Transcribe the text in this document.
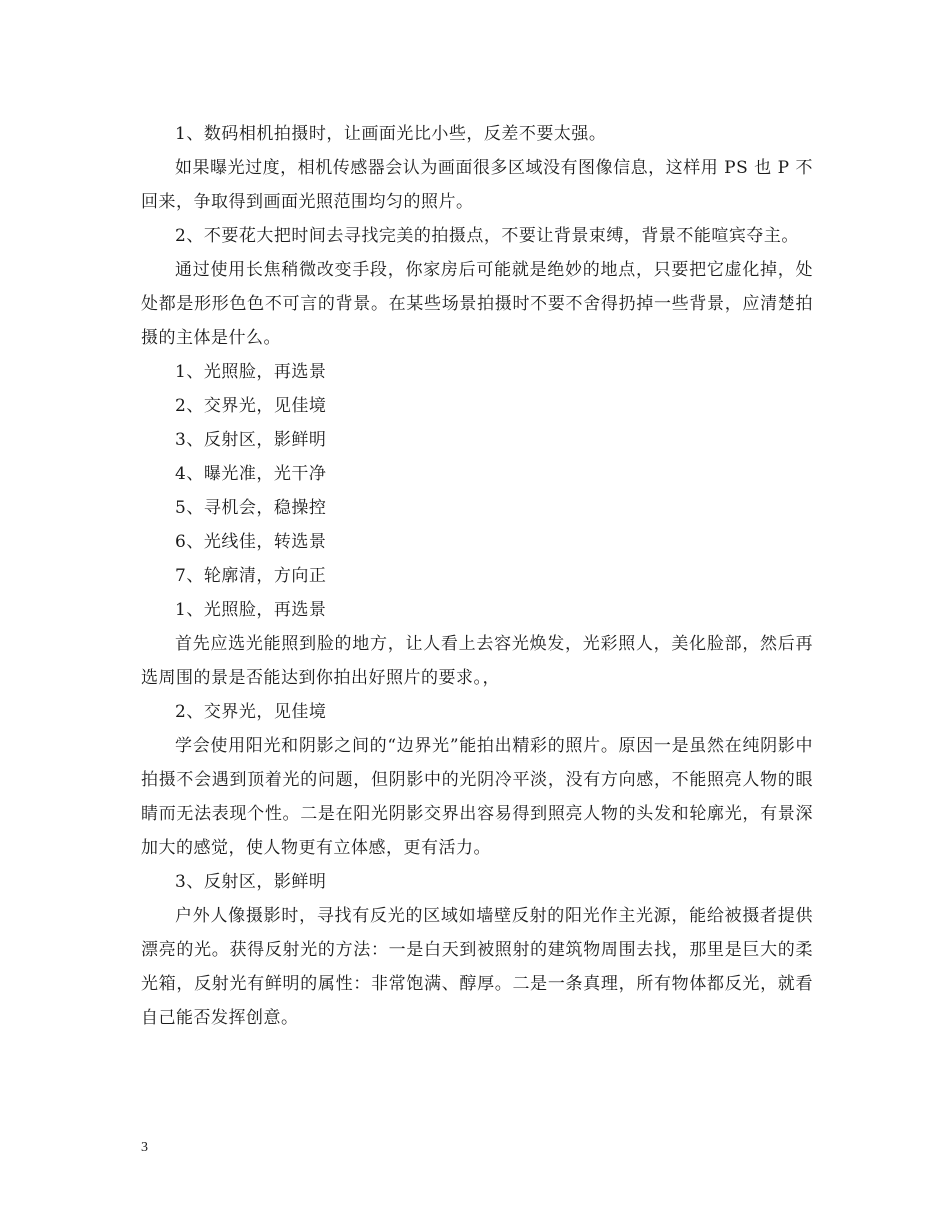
1、数码相机拍摄时，让画面光比小些，反差不要太强。

如果曝光过度，相机传感器会认为画面很多区域没有图像信息，这样用 PS 也 P 不回来，争取得到画面光照范围均匀的照片。

2、不要花大把时间去寻找完美的拍摄点，不要让背景束缚，背景不能喧宾夺主。

通过使用长焦稍微改变手段，你家房后可能就是绝妙的地点，只要把它虚化掉，处处都是形形色色不可言的背景。在某些场景拍摄时不要不舍得扔掉一些背景，应清楚拍摄的主体是什么。

1、光照脸，再选景

2、交界光，见佳境

3、反射区，影鲜明

4、曝光准，光干净

5、寻机会，稳操控

6、光线佳，转选景

7、轮廓清，方向正

1、光照脸，再选景

首先应选光能照到脸的地方，让人看上去容光焕发，光彩照人，美化脸部，然后再选周围的景是否能达到你拍出好照片的要求。，

2、交界光，见佳境

学会使用阳光和阴影之间的“边界光”能拍出精彩的照片。原因一是虽然在纯阴影中拍摄不会遇到顶着光的问题，但阴影中的光阴冷平淡，没有方向感，不能照亮人物的眼睛而无法表现个性。二是在阳光阴影交界出容易得到照亮人物的头发和轮廓光，有景深加大的感觉，使人物更有立体感，更有活力。

3、反射区，影鲜明

户外人像摄影时，寻找有反光的区域如墙壁反射的阳光作主光源，能给被摄者提供漂亮的光。获得反射光的方法：一是白天到被照射的建筑物周围去找，那里是巨大的柔光箱，反射光有鲜明的属性：非常饱满、醇厚。二是一条真理，所有物体都反光，就看自己能否发挥创意。

3
